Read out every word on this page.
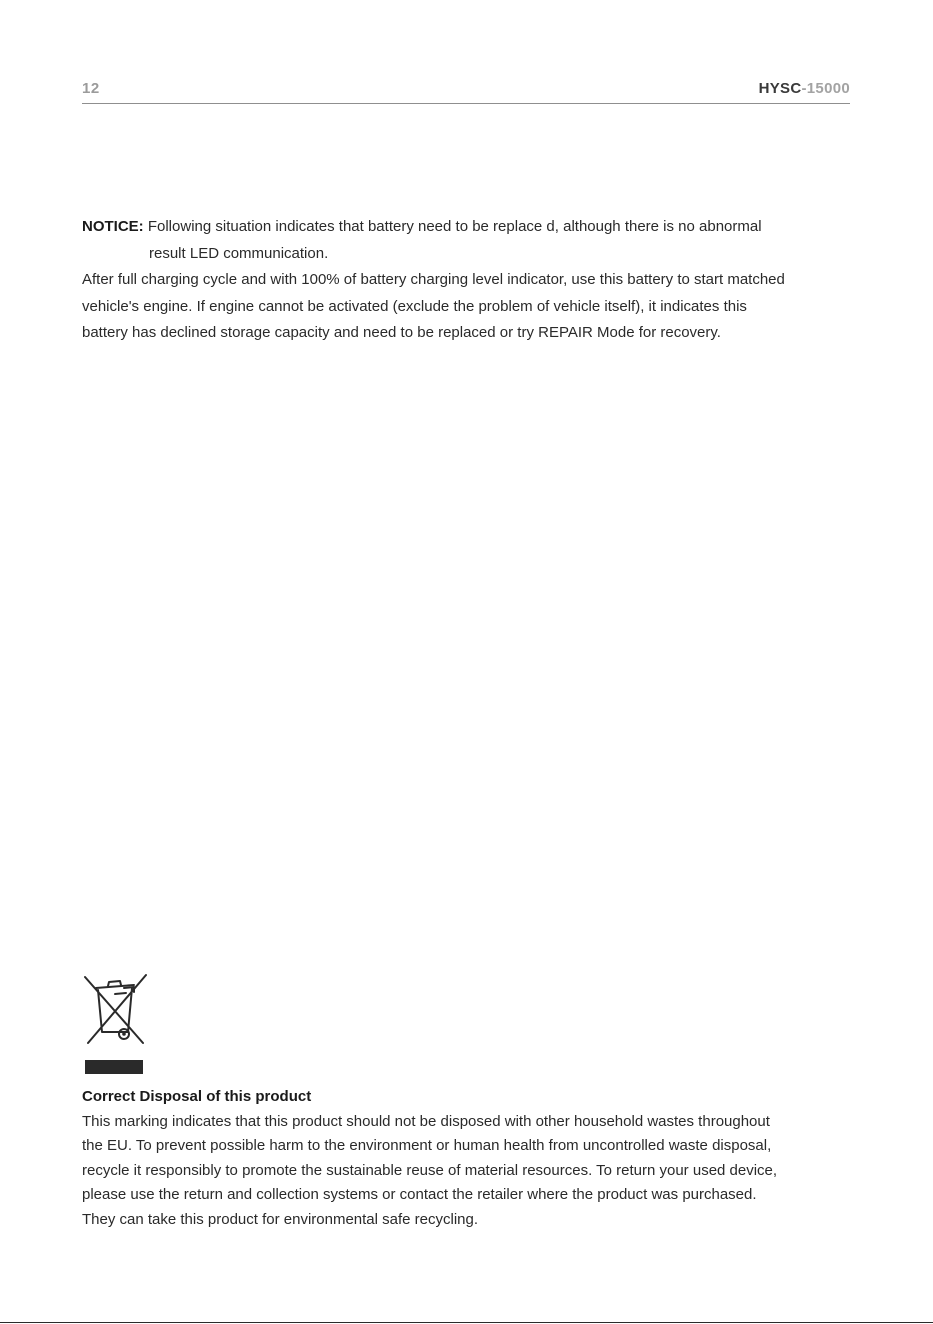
12	HYSC-15000
NOTICE: Following situation indicates that battery need to be replace d, although there is no abnormal
result LED communication.
After full charging cycle and with 100% of battery charging level indicator, use this battery to start matched
vehicle's engine. If engine cannot be activated (exclude the problem of vehicle itself), it indicates this
battery has declined storage capacity and need to be replaced or try REPAIR Mode for recovery.
Correct Disposal of this product
This marking indicates that this product should not be disposed with other household wastes throughout
the EU. To prevent possible harm to the environment or human health from uncontrolled waste disposal,
recycle it responsibly to promote the sustainable reuse of material resources. To return your used device,
please use the return and collection systems or contact the retailer where the product was purchased.
They can take this product for environmental safe recycling.
